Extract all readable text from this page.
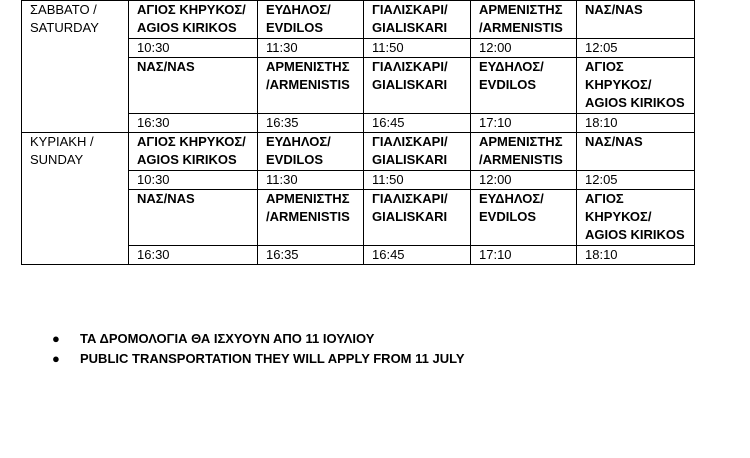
ΣΑΒΒΑΤΟ /
SATURDAY	ΑΓΙΟΣ ΚΗΡΥΚΟΣ/
AGIOS KIRIKOS	ΕΥΔΗΛΟΣ/
EVDILOS	ΓΙΑΛΙΣΚΑΡΙ/
GIALISKARI	ΑΡΜΕΝΙΣΤΗΣ
/ARMENISTIS	ΝΑΣ/NAS

	10:30	11:30	11:50	12:00	12:05

	ΝΑΣ/NAS	ΑΡΜΕΝΙΣΤΗΣ
/ARMENISTIS	ΓΙΑΛΙΣΚΑΡΙ/
GIALISKARI	ΕΥΔΗΛΟΣ/
EVDILOS	ΑΓΙΟΣ
ΚΗΡΥΚΟΣ/
AGIOS KIRIKOS

	16:30	16:35	16:45	17:10	18:10

ΚΥΡΙΑΚΗ /
SUNDAY	ΑΓΙΟΣ ΚΗΡΥΚΟΣ/
AGIOS KIRIKOS	ΕΥΔΗΛΟΣ/
EVDILOS	ΓΙΑΛΙΣΚΑΡΙ/
GIALISKARI	ΑΡΜΕΝΙΣΤΗΣ
/ARMENISTIS	ΝΑΣ/NAS

	10:30	11:30	11:50	12:00	12:05

	ΝΑΣ/NAS	ΑΡΜΕΝΙΣΤΗΣ
/ARMENISTIS	ΓΙΑΛΙΣΚΑΡΙ/
GIALISKARI	ΕΥΔΗΛΟΣ/
EVDILOS	ΑΓΙΟΣ
ΚΗΡΥΚΟΣ/
AGIOS KIRIKOS

	16:30	16:35	16:45	17:10	18:10
● ΤΑ ΔΡΟΜΟΛΟΓΙΑ ΘΑ ΙΣΧΥΟΥΝ ΑΠΟ 11 ΙΟΥΛΙΟΥ
● PUBLIC TRANSPORTATION THEY WILL APPLY FROM 11 JULY
